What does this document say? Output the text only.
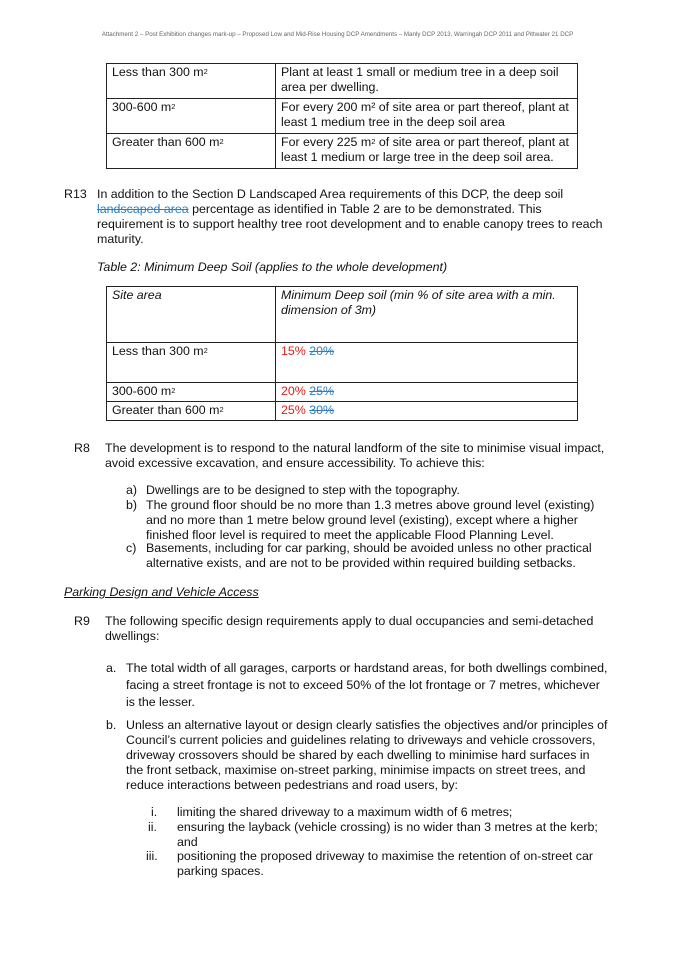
Attachment 2 – Post Exhibition changes mark-up – Proposed Low and Mid-Rise Housing DCP Amendments – Manly DCP 2013, Warringah DCP 2011 and Pittwater 21 DCP
Less than 300 $m^2$	Plant at least 1 small or medium tree in a deep soil
area per dwelling.

300-600 $m^2$	For every 200 m² of site area or part thereof, plant at
least 1 medium tree in the deep soil area

Greater than 600 $m^2$	For every 225 $m^2$ of site area or part thereof, plant at
least 1 medium or large tree in the deep soil area.
R13 In addition to the Section D Landscaped Area requirements of this DCP, the deep soil
landscaped area percentage as identified in Table 2 are to be demonstrated. This
requirement is to support healthy tree root development and to enable canopy trees to reach
maturity.
Table 2: Minimum Deep Soil (applies to the whole development)
Site area	Minimum Deep soil (min % of site area with a min.
dimension of 3m)

Less than 300 $m^2$	15% 20%
300-600 $m^2$	20% 25%
Greater than 600 $m^2$	25% 30%
R8 The development is to respond to the natural landform of the site to minimise visual impact,
avoid excessive excavation, and ensure accessibility. To achieve this:
a) Dwellings are to be designed to step with the topography.
b) The ground floor should be no more than 1.3 metres above ground level (existing)
and no more than 1 metre below ground level (existing), except where a higher
finished floor level is required to meet the applicable Flood Planning Level.
c) Basements, including for car parking, should be avoided unless no other practical
alternative exists, and are not to be provided within required building setbacks.
Parking Design and Vehicle Access
R9 The following specific design requirements apply to dual occupancies and semi-detached
dwellings:
a. The total width of all garages, carports or hardstand areas, for both dwellings combined,
facing a street frontage is not to exceed 50% of the lot frontage or 7 metres, whichever
is the lesser.
b. Unless an alternative layout or design clearly satisfies the objectives and/or principles of
Council’s current policies and guidelines relating to driveways and vehicle crossovers,
driveway crossovers should be shared by each dwelling to minimise hard surfaces in
the front setback, maximise on-street parking, minimise impacts on street trees, and
reduce interactions between pedestrians and road users, by:
i. limiting the shared driveway to a maximum width of 6 metres;
ii. ensuring the layback (vehicle crossing) is no wider than 3 metres at the kerb;
and
iii. positioning the proposed driveway to maximise the retention of on-street car
parking spaces.
